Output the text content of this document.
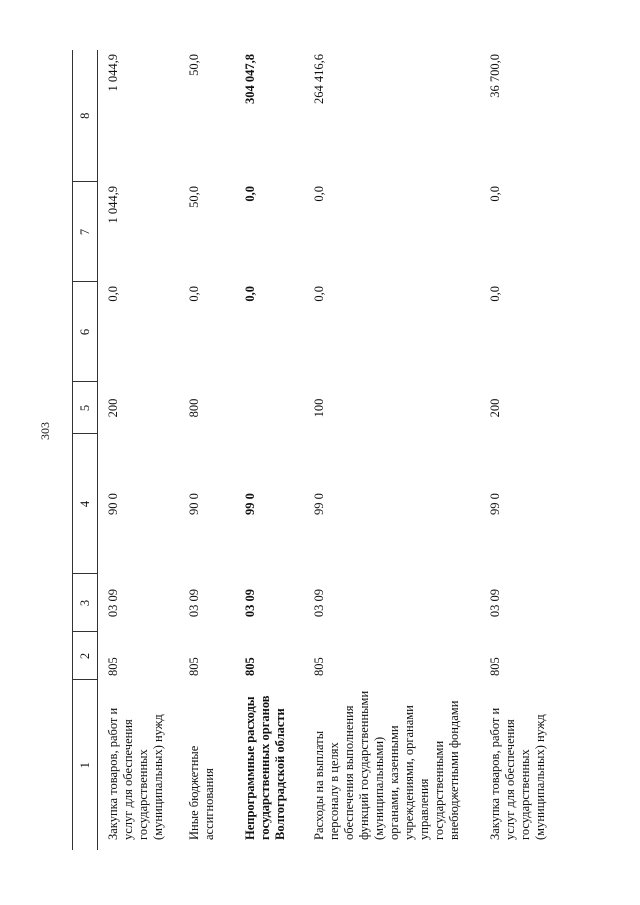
303
1	2	3	4	5	6	7	8
Закупка товаров, работ и услуг для обеспечения государственных (муниципальных) нужд	805	03 09	90 0	200	0,0	1 044,9	1 044,9
Иные бюджетные ассигнования	805	03 09	90 0	800	0,0	50,0	50,0
Непрограммные расходы государственных органов Волгоградской области	805	03 09	99 0		0,0	0,0	304 047,8
Расходы на выплаты персоналу в целях обеспечения выполнения функций государственными (муниципальными) органами, казенными учреждениями, органами управления государственными внебюджетными фондами	805	03 09	99 0	100	0,0	0,0	264 416,6
Закупка товаров, работ и услуг для обеспечения государственных (муниципальных) нужд	805	03 09	99 0	200	0,0	0,0	36 700,0
